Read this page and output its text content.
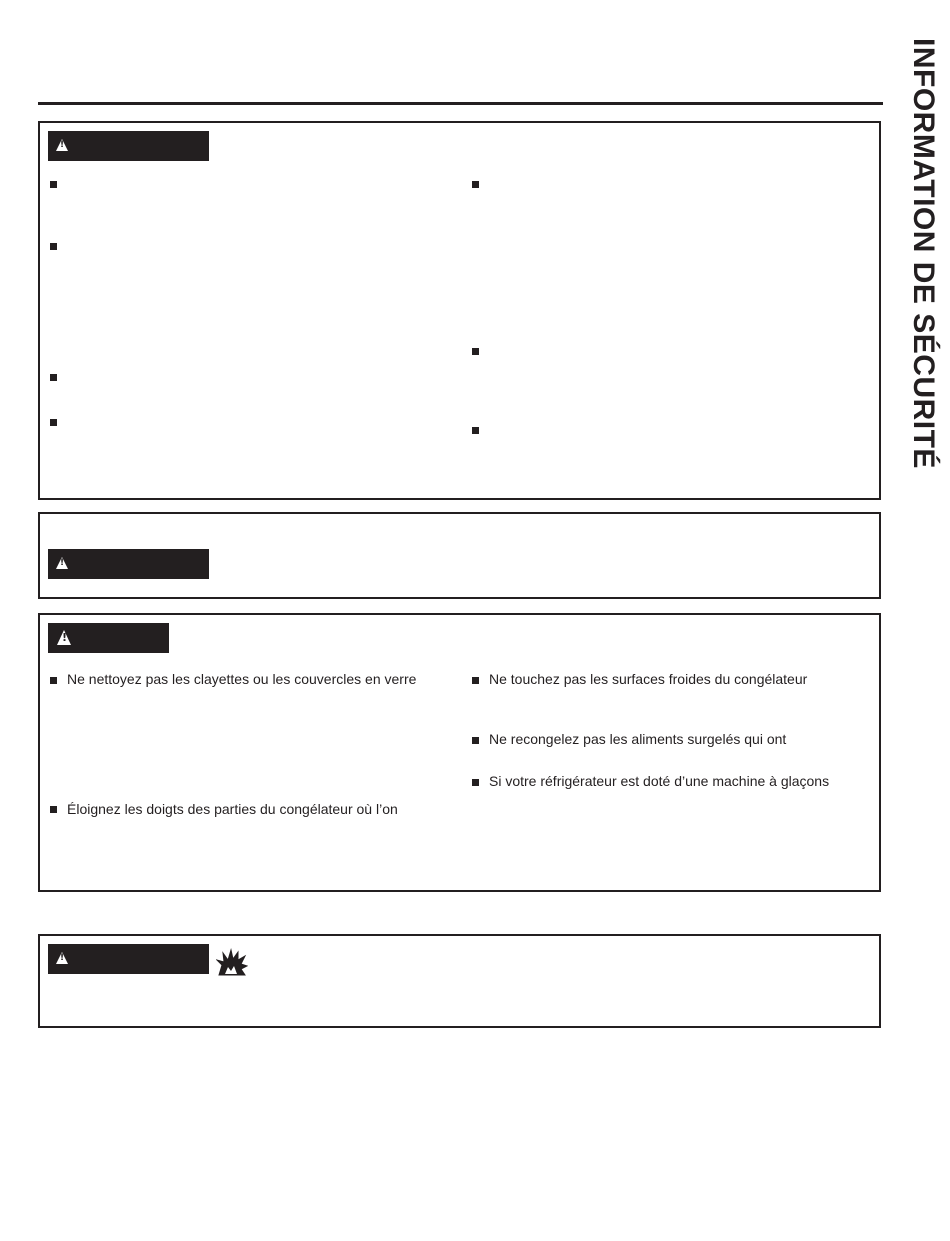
INFORMATION DE SÉCURITÉ
!
!
!
Ne nettoyez pas les clayettes ou les couvercles en verre
Éloignez les doigts des parties du congélateur où l’on
Ne touchez pas les surfaces froides du congélateur
Ne recongelez pas les aliments surgelés qui ont
Si votre réfrigérateur est doté d’une machine à glaçons
!
